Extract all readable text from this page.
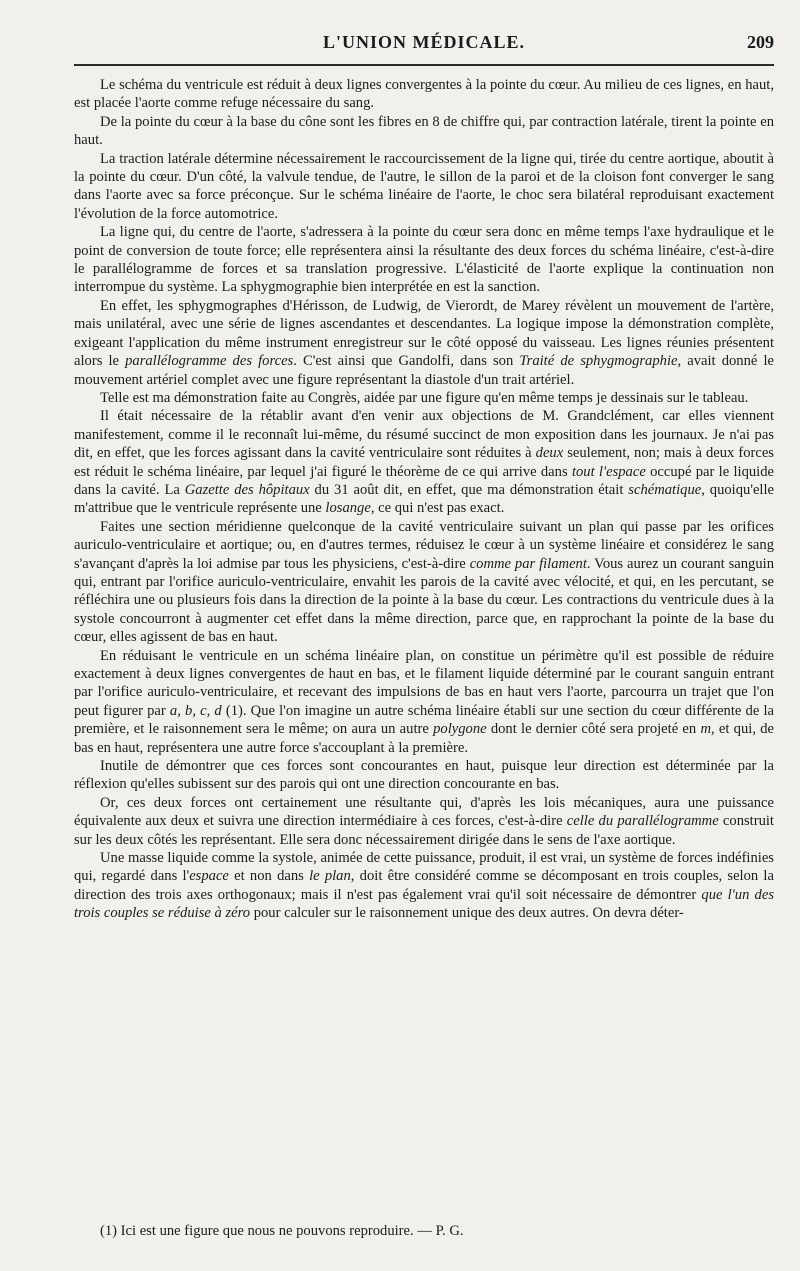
L'UNION MÉDICALE.	209

Le schéma du ventricule est réduit à deux lignes convergentes à la pointe du cœur. Au milieu de ces lignes, en haut, est placée l'aorte comme refuge nécessaire du sang.

De la pointe du cœur à la base du cône sont les fibres en 8 de chiffre qui, par contraction latérale, tirent la pointe en haut.

La traction latérale détermine nécessairement le raccourcissement de la ligne qui, tirée du centre aortique, aboutit à la pointe du cœur. D'un côté, la valvule tendue, de l'autre, le sillon de la paroi et de la cloison font converger le sang dans l'aorte avec sa force préconçue. Sur le schéma linéaire de l'aorte, le choc sera bilatéral reproduisant exactement l'évolution de la force automotrice.

La ligne qui, du centre de l'aorte, s'adressera à la pointe du cœur sera donc en même temps l'axe hydraulique et le point de conversion de toute force; elle représentera ainsi la résultante des deux forces du schéma linéaire, c'est-à-dire le parallélogramme de forces et sa translation progressive. L'élasticité de l'aorte explique la continuation non interrompue du système. La sphygmographie bien interprétée en est la sanction.

En effet, les sphygmographes d'Hérisson, de Ludwig, de Vierordt, de Marey révèlent un mouvement de l'artère, mais unilatéral, avec une série de lignes ascendantes et descendantes. La logique impose la démonstration complète, exigeant l'application du même instrument enregistreur sur le côté opposé du vaisseau. Les lignes réunies présentent alors le parallélogramme des forces. C'est ainsi que Gandolfi, dans son Traité de sphygmographie, avait donné le mouvement artériel complet avec une figure représentant la diastole d'un trait artériel.

Telle est ma démonstration faite au Congrès, aidée par une figure qu'en même temps je dessinais sur le tableau.

Il était nécessaire de la rétablir avant d'en venir aux objections de M. Grandclément, car elles viennent manifestement, comme il le reconnaît lui-même, du résumé succinct de mon exposition dans les journaux. Je n'ai pas dit, en effet, que les forces agissant dans la cavité ventriculaire sont réduites à deux seulement, non; mais à deux forces est réduit le schéma linéaire, par lequel j'ai figuré le théorème de ce qui arrive dans tout l'espace occupé par le liquide dans la cavité. La Gazette des hôpitaux du 31 août dit, en effet, que ma démonstration était schématique, quoiqu'elle m'attribue que le ventricule représente une losange, ce qui n'est pas exact.

Faites une section méridienne quelconque de la cavité ventriculaire suivant un plan qui passe par les orifices auriculo-ventriculaire et aortique; ou, en d'autres termes, réduisez le cœur à un système linéaire et considérez le sang s'avançant d'après la loi admise par tous les physiciens, c'est-à-dire comme par filament. Vous aurez un courant sanguin qui, entrant par l'orifice auriculo-ventriculaire, envahit les parois de la cavité avec vélocité, et qui, en les percutant, se réfléchira une ou plusieurs fois dans la direction de la pointe à la base du cœur. Les contractions du ventricule dues à la systole concourront à augmenter cet effet dans la même direction, parce que, en rapprochant la pointe de la base du cœur, elles agissent de bas en haut.

En réduisant le ventricule en un schéma linéaire plan, on constitue un périmètre qu'il est possible de réduire exactement à deux lignes convergentes de haut en bas, et le filament liquide déterminé par le courant sanguin entrant par l'orifice auriculo-ventriculaire, et recevant des impulsions de bas en haut vers l'aorte, parcourra un trajet que l'on peut figurer par a, b, c, d (1). Que l'on imagine un autre schéma linéaire établi sur une section du cœur différente de la première, et le raisonnement sera le même; on aura un autre polygone dont le dernier côté sera projeté en m, et qui, de bas en haut, représentera une autre force s'accouplant à la première.

Inutile de démontrer que ces forces sont concourantes en haut, puisque leur direction est déterminée par la réflexion qu'elles subissent sur des parois qui ont une direction concourante en bas.

Or, ces deux forces ont certainement une résultante qui, d'après les lois mécaniques, aura une puissance équivalente aux deux et suivra une direction intermédiaire à ces forces, c'est-à-dire celle du parallélogramme construit sur les deux côtés les représentant. Elle sera donc nécessairement dirigée dans le sens de l'axe aortique.

Une masse liquide comme la systole, animée de cette puissance, produit, il est vrai, un système de forces indéfinies qui, regardé dans l'espace et non dans le plan, doit être considéré comme se décomposant en trois couples, selon la direction des trois axes orthogonaux; mais il n'est pas également vrai qu'il soit nécessaire de démontrer que l'un des trois couples se réduise à zéro pour calculer sur le raisonnement unique des deux autres. On devra déter-

(1) Ici est une figure que nous ne pouvons reproduire. — P. G.
